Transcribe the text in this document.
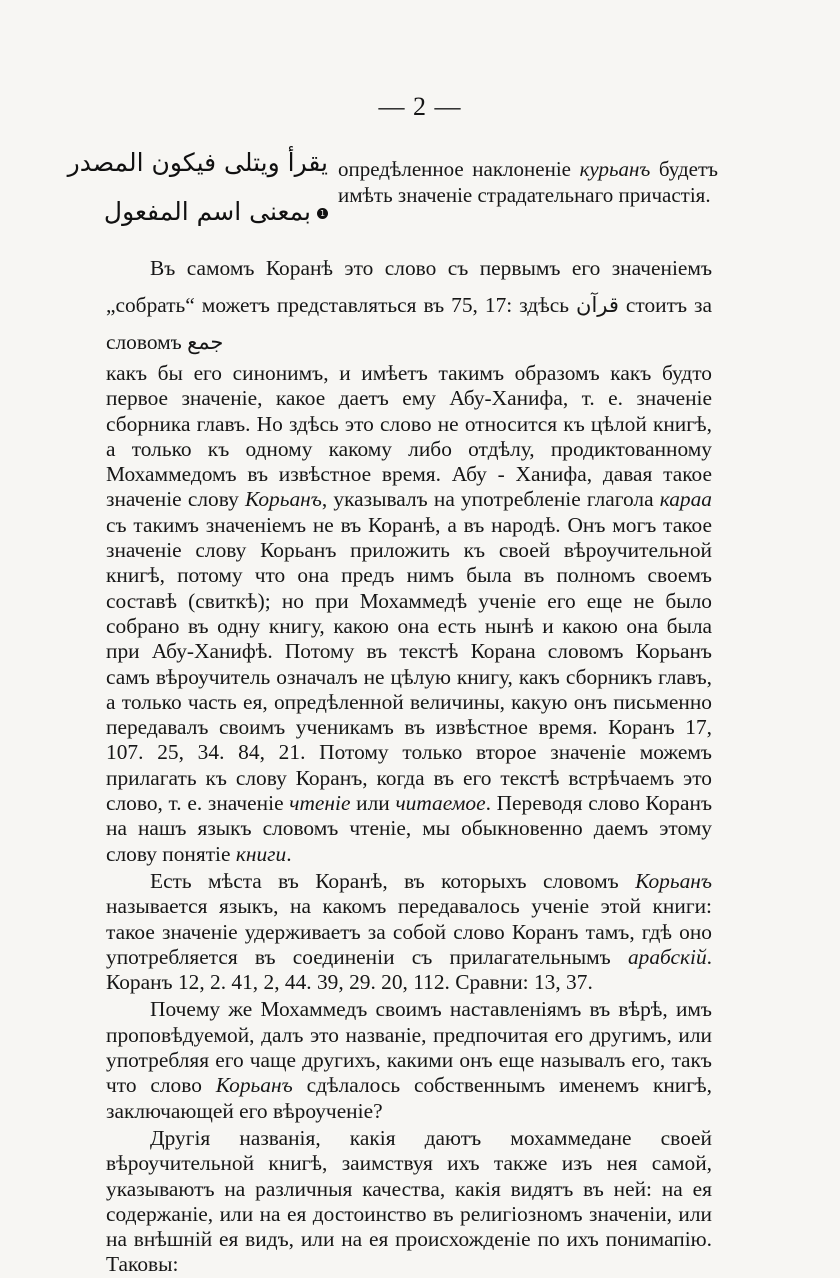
— 2 —
يقرأ ويتلى فيكون المصدر
1بمعنى اسم المفعول
опредѣленное наклоненіе курьанъ будетъ имѣть значеніе страдательнаго причастія.

Въ самомъ Коранѣ это слово съ первымъ его значеніемъ „собрать“ можетъ представляться въ 75, 17: здѣсь قرآن стоитъ за словомъ جمع

какъ бы его синонимъ, и имѣетъ такимъ образомъ какъ будто первое значеніе, какое даетъ ему Абу-Ханифа, т. е. значеніе сборника главъ. Но здѣсь это слово не относится къ цѣлой книгѣ, а только къ одному какому либо отдѣлу, продиктованному Мохаммедомъ въ извѣстное время. Абу - Ханифа, давая такое значеніе слову Корьанъ, указывалъ на употребленіе глагола караа съ такимъ значеніемъ не въ Коранѣ, а въ народѣ. Онъ могъ такое значеніе слову Корьанъ приложить къ своей вѣроучительной книгѣ, потому что она предъ нимъ была въ полномъ своемъ составѣ (свиткѣ); но при Мохаммедѣ ученіе его еще не было собрано въ одну книгу, какою она есть нынѣ и какою она была при Абу-Ханифѣ. Потому въ текстѣ Корана словомъ Корьанъ самъ вѣроучитель означалъ не цѣлую книгу, какъ сборникъ главъ, а только часть ея, опредѣленной величины, какую онъ письменно передавалъ своимъ ученикамъ въ извѣстное время. Коранъ 17, 107. 25, 34. 84, 21. Потому только второе значеніе можемъ прилагать къ слову Коранъ, когда въ его текстѣ встрѣчаемъ это слово, т. е. значеніе чтеніе или читаемое. Переводя слово Коранъ на нашъ языкъ словомъ чтеніе, мы обыкновенно даемъ этому слову понятіе книги.

Есть мѣста въ Коранѣ, въ которыхъ словомъ Корьанъ называется языкъ, на какомъ передавалось ученіе этой книги: такое значеніе удерживаетъ за собой слово Коранъ тамъ, гдѣ оно употребляется въ соединеніи съ прилагательнымъ арабскій. Коранъ 12, 2. 41, 2, 44. 39, 29. 20, 112. Сравни: 13, 37.

Почему же Мохаммедъ своимъ наставленіямъ въ вѣрѣ, имъ проповѣдуемой, далъ это названіе, предпочитая его другимъ, или употребляя его чаще другихъ, какими онъ еще называлъ его, такъ что слово Корьанъ сдѣлалось собственнымъ именемъ книгѣ, заключающей его вѣроученіе?

Другія названія, какія даютъ мохаммедане своей вѣроучительной книгѣ, заимствуя ихъ также изъ нея самой, указываютъ на различныя качества, какія видятъ въ ней: на ея содержаніе, или на ея достоинство въ религіозномъ значеніи, или на внѣшній ея видъ, или на ея происхожденіе по ихъ понимапію. Таковы:
